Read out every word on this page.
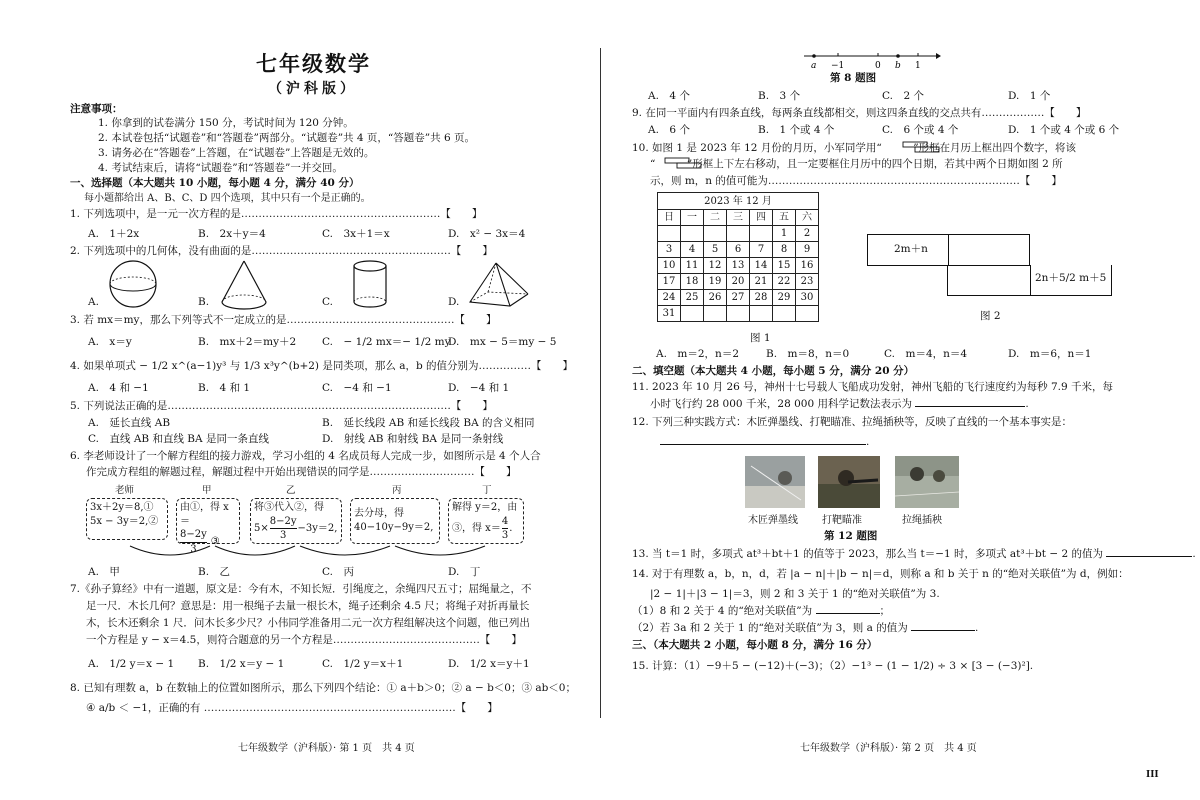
七年级数学
（沪科版）
注意事项：
1. 你拿到的试卷满分 150 分，考试时间为 120 分钟。
2. 本试卷包括“试题卷”和“答题卷”两部分。“试题卷”共 4 页，“答题卷”共 6 页。
3. 请务必在“答题卷”上答题，在“试题卷”上答题是无效的。
4. 考试结束后，请将“试题卷”和“答题卷”一并交回。
一、选择题（本大题共 10 小题，每小题 4 分，满分 40 分）
每小题都给出 A、B、C、D 四个选项，其中只有一个是正确的。
1. 下列选项中，是一元一次方程的是…………………………………………………【　　】
A.　1＋2x	B.　2x＋y＝4	C.　3x＋1＝x	D.　x² − 3x＝4
2. 下列选项中的几何体，没有曲面的是…………………………………………………【　　】
A.	B.	C.	D.
3. 若 mx＝my，那么下列等式不一定成立的是…………………………………………【　　】
A.　x＝y	B.　mx＋2＝my＋2 C.　− 1/2 mx＝− 1/2 my
D.　mx − 5＝my − 5
4. 如果单项式 − 1/2 x^(a−1)y³ 与 1/3 x³y^(b+2) 是同类项，那么 a，b 的值分别为……………【　　】
A.　4 和 −1	B.　4 和 1	C.　−4 和 −1	D.　−4 和 1
5. 下列说法正确的是………………………………………………………………………【　　】
A.　延长直线 AB	B.　延长线段 AB 和延长线段 BA 的含义相同
C.　直线 AB 和直线 BA 是同一条直线	D.　射线 AB 和射线 BA 是同一条射线
6. 李老师设计了一个解方程组的接力游戏，学习小组的 4 名成员每人完成一步，如图所示是 4 个人合
作完成方程组的解题过程，解题过程中开始出现错误的同学是…………………………【　　】
老师	甲	乙	丙	丁
3x＋2y＝8,①
5x − 3y＝2,②
由①，得 x＝
$\frac{8-2y}{3}$ ③
将③代入②，得
$5\times \frac{8-2y}{3} -3y=2$,
去分母，得
40−10y−9y＝2,
解得 y＝2，由
③，得 $x= \frac{4}{3}$ .
A.　甲	B.　乙	C.　丙	D.　丁
7.《孙子算经》中有一道题，原文是：今有木，不知长短．引绳度之，余绳四尺五寸；屈绳量之，不
足一尺．木长几何？意思是：用一根绳子去量一根长木，绳子还剩余 4.5 尺；将绳子对折再量长
木，长木还剩余 1 尺．问木长多少尺？小伟同学准备用二元一次方程组解决这个问题，他已列出
一个方程是 y − x＝4.5，则符合题意的另一个方程是……………………………………【　　】
A.　1/2 y＝x − 1 B.　1/2 x＝y − 1	C.　1/2 y＝x＋1	D.　1/2 x＝y＋1
8. 已知有理数 a，b 在数轴上的位置如图所示，那么下列四个结论：① a＋b＞0；② a − b＜0；③ ab＜0；
④ a/b ＜ −1，正确的有 ………………………………………………………………【　　】
七年级数学（沪科版）· 第 1 页　共 4 页
a −1	0 b 1
第 8 题图
A.　4 个	B.　3 个	C.　2 个	D.　1 个
9. 在同一平面内有四条直线，每两条直线都相交，则这四条直线的交点共有………………【　　】
A.　6 个	B.　1 个或 4 个	C.　6 个或 4 个	D.　1 个或 4 个或 6 个
10. 如图 1 是 2023 年 12 月份的月历，小军同学用“　　　”形框在月历上框出四个数字，将该
“　　　”形框上下左右移动，且一定要框住月历中的四个日期，若其中两个日期如图 2 所
示，则 m，n 的值可能为………………………………………………………………【　　】
2023 年 12 月						
日	一	二	三	四	五	六
					1	2
3	4	5	6	7	8	9
10	11	12	13	14	15	16
17	18	19	20	21	22	23
24	25	26	27	28	29	30
31						
图 1
2m＋n
2n＋5/2 m＋5
图 2
A.　m＝2，n＝2	B.　m＝8，n＝0	C.　m＝4，n＝4	D.　m＝6，n＝1
二、填空题（本大题共 4 小题，每小题 5 分，满分 20 分）
11. 2023 年 10 月 26 号，神州十七号载人飞船成功发射，神州飞船的飞行速度约为每秒 7.9 千米，每
小时飞行约 28 000 千米，28 000 用科学记数法表示为	.
12. 下列三种实践方式：木匠弹墨线、打靶瞄准、拉绳插秧等，反映了直线的一个基本事实是：
.
木匠弹墨线 打靶瞄准	拉绳插秧
第 12 题图
13. 当 t＝1 时，多项式 at³＋bt＋1 的值等于 2023，那么当 t＝−1 时，多项式 at³＋bt − 2 的值为	.
14. 对于有理数 a，b，n，d，若 |a − n|＋|b − n|＝d，则称 a 和 b 关于 n 的“绝对关联值”为 d，例如：
|2 − 1|＋|3 − 1|＝3，则 2 和 3 关于 1 的“绝对关联值”为 3.
（1）8 和 2 关于 4 的“绝对关联值”为	；
（2）若 3a 和 2 关于 1 的“绝对关联值”为 3，则 a 的值为	.
三、（本大题共 2 小题，每小题 8 分，满分 16 分）
15. 计算：（1）−9＋5 − (−12)＋(−3)；（2）−1³ − (1 − 1/2) ÷ 3 × [3 − (−3)²].
七年级数学（沪科版）· 第 2 页　共 4 页
III
